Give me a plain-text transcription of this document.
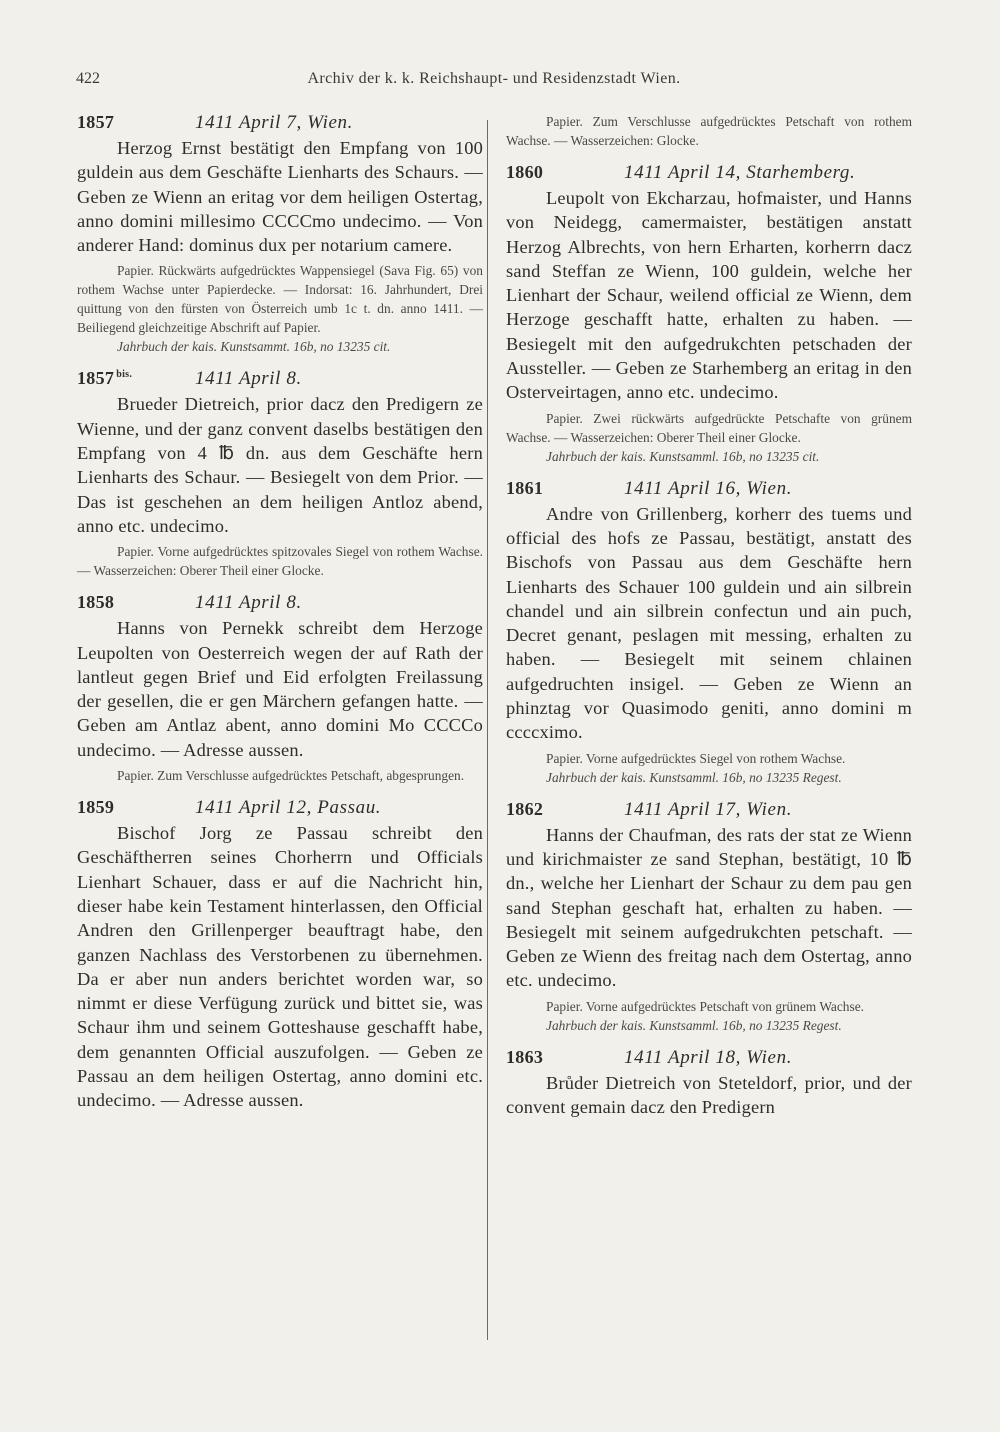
422	Archiv der k. k. Reichshaupt- und Residenzstadt Wien.
1857	1411 April 7, Wien.

Herzog Ernst bestätigt den Empfang von 100 guldein aus dem Geschäfte Lienharts des Schaurs. — Geben ze Wienn an eritag vor dem heiligen Ostertag, anno domini millesimo CCCCmo undecimo. — Von anderer Hand: dominus dux per notarium camere.

Papier. Rückwärts aufgedrücktes Wappensiegel (Sava Fig. 65) von rothem Wachse unter Papierdecke. — Indorsat: 16. Jahrhundert, Drei quittung von den fürsten von Österreich umb 1c t. dn. anno 1411. — Beiliegend gleichzeitige Abschrift auf Papier.

Jahrbuch der kais. Kunstsammt. 16b, no 13235 cit.

1857 $^{bis.}$	1411 April 8.

Brueder Dietreich, prior dacz den Predigern ze Wienne, und der ganz convent daselbs bestätigen den Empfang von 4 ℔ dn. aus dem Geschäfte hern Lienharts des Schaur. — Besiegelt von dem Prior. — Das ist geschehen an dem heiligen Antloz abend, anno etc. undecimo.

Papier. Vorne aufgedrücktes spitzovales Siegel von rothem Wachse. — Wasserzeichen: Oberer Theil einer Glocke.

1858	1411 April 8.

Hanns von Pernekk schreibt dem Herzoge Leupolten von Oesterreich wegen der auf Rath der lantleut gegen Brief und Eid erfolgten Freilassung der gesellen, die er gen Märchern gefangen hatte. — Geben am Antlaz abent, anno domini Mo CCCCo undecimo. — Adresse aussen.

Papier. Zum Verschlusse aufgedrücktes Petschaft, abgesprungen.

1859	1411 April 12, Passau.

Bischof Jorg ze Passau schreibt den Geschäftherren seines Chorherrn und Officials Lienhart Schauer, dass er auf die Nachricht hin, dieser habe kein Testament hinterlassen, den Official Andren den Grillenperger beauftragt habe, den ganzen Nachlass des Verstorbenen zu übernehmen. Da er aber nun anders berichtet worden war, so nimmt er diese Verfügung zurück und bittet sie, was Schaur ihm und seinem Gotteshause geschafft habe, dem genannten Official auszufolgen. — Geben ze Passau an dem heiligen Ostertag, anno domini etc. undecimo. — Adresse aussen.

Papier. Zum Verschlusse aufgedrücktes Petschaft von rothem Wachse. — Wasserzeichen: Glocke.

1860	1411 April 14, Starhemberg.

Leupolt von Ekcharzau, hofmaister, und Hanns von Neidegg, camermaister, bestätigen anstatt Herzog Albrechts, von hern Erharten, korherrn dacz sand Steffan ze Wienn, 100 guldein, welche her Lienhart der Schaur, weilend official ze Wienn, dem Herzoge geschafft hatte, erhalten zu haben. — Besiegelt mit den aufgedrukchten petschaden der Aussteller. — Geben ze Starhemberg an eritag in den Osterveirtagen, anno etc. undecimo.

Papier. Zwei rückwärts aufgedrückte Petschafte von grünem Wachse. — Wasserzeichen: Oberer Theil einer Glocke.

Jahrbuch der kais. Kunstsamml. 16b, no 13235 cit.

1861	1411 April 16, Wien.

Andre von Grillenberg, korherr des tuems und official des hofs ze Passau, bestätigt, anstatt des Bischofs von Passau aus dem Geschäfte hern Lienharts des Schauer 100 guldein und ain silbrein chandel und ain silbrein confectun und ain puch, Decret genant, peslagen mit messing, erhalten zu haben. — Besiegelt mit seinem chlainen aufgedruchten insigel. — Geben ze Wienn an phinztag vor Quasimodo geniti, anno domini m ccccximo.

Papier. Vorne aufgedrücktes Siegel von rothem Wachse.

Jahrbuch der kais. Kunstsamml. 16b, no 13235 Regest.

1862	1411 April 17, Wien.

Hanns der Chaufman, des rats der stat ze Wienn und kirichmaister ze sand Stephan, bestätigt, 10 ℔ dn., welche her Lienhart der Schaur zu dem pau gen sand Stephan geschaft hat, erhalten zu haben. — Besiegelt mit seinem aufgedrukchten petschaft. — Geben ze Wienn des freitag nach dem Ostertag, anno etc. undecimo.

Papier. Vorne aufgedrücktes Petschaft von grünem Wachse.

Jahrbuch der kais. Kunstsamml. 16b, no 13235 Regest.

1863	1411 April 18, Wien.

Brůder Dietreich von Steteldorf, prior, und der convent gemain dacz den Predigern
